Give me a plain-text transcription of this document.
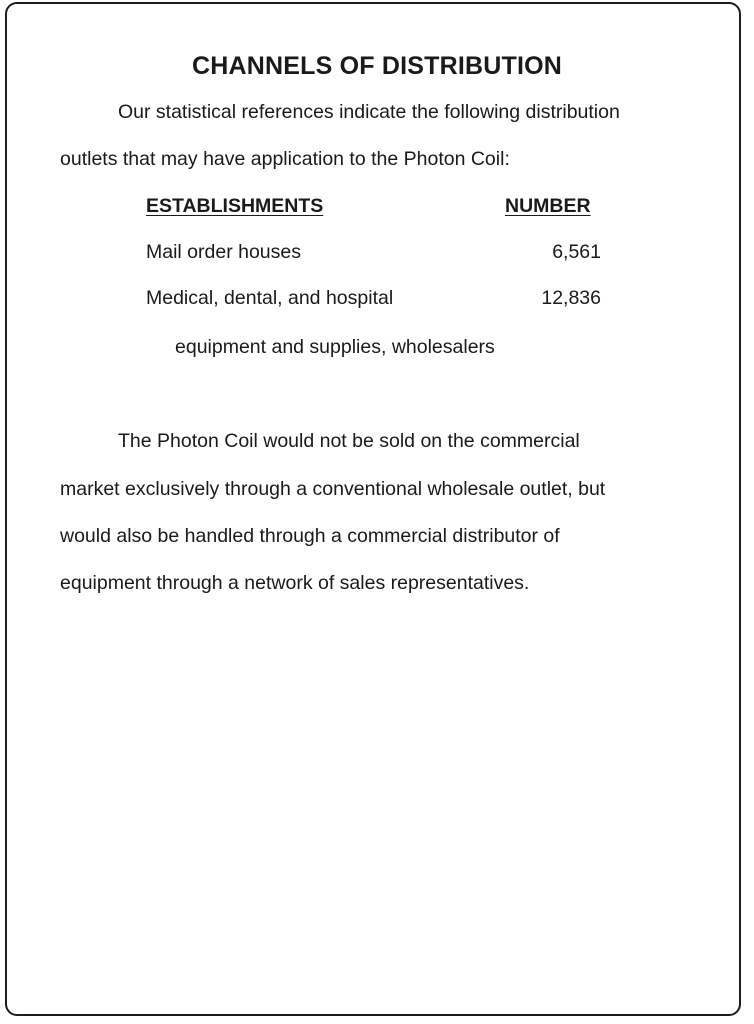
CHANNELS OF DISTRIBUTION
Our statistical references indicate the following distribution
outlets that may have application to the Photon Coil:
ESTABLISHMENTS	NUMBER
Mail order houses	6,561
Medical, dental, and hospital	12,836
equipment and supplies, wholesalers
The Photon Coil would not be sold on the commercial
market exclusively through a conventional wholesale outlet, but
would also be handled through a commercial distributor of
equipment through a network of sales representatives.
